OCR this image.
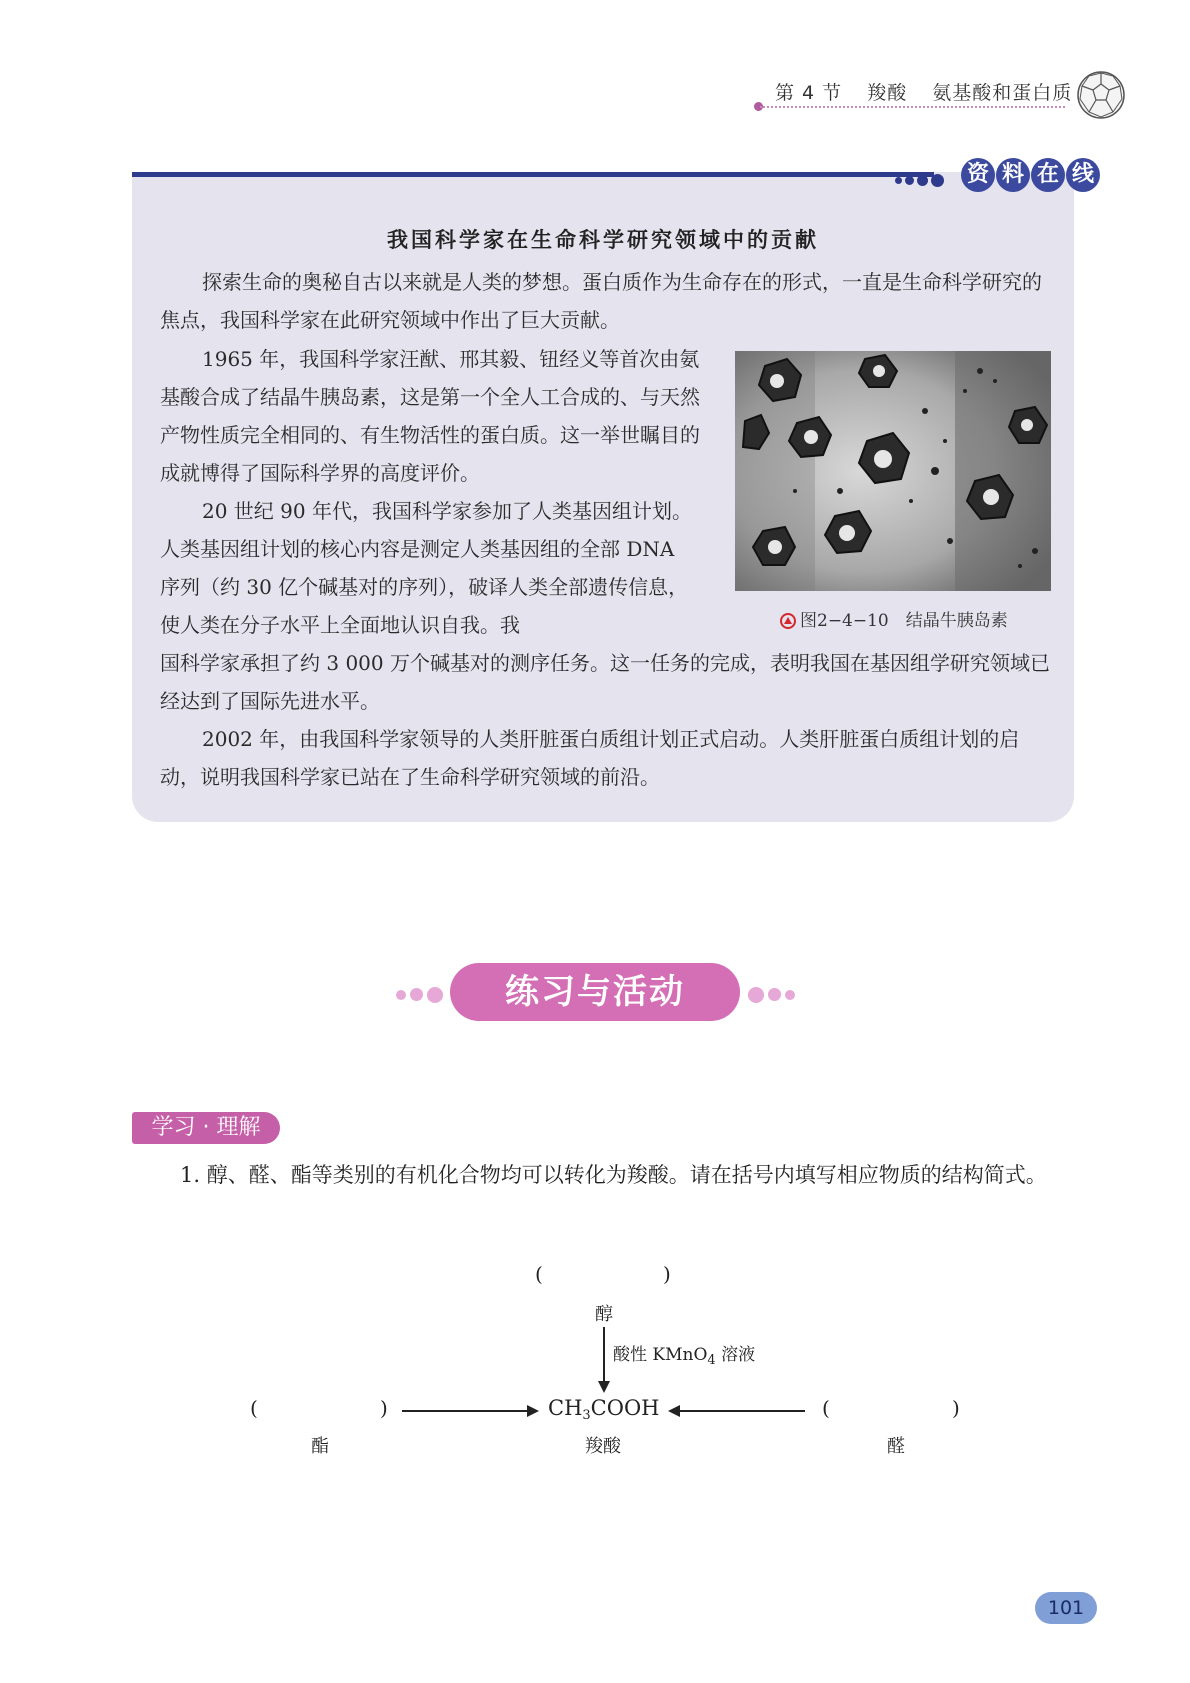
第 4 节 羧酸 氨基酸和蛋白质
资 料 在 线
我国科学家在生命科学研究领域中的贡献
探索生命的奥秘自古以来就是人类的梦想。蛋白质作为生命存在的形式，一直是生命科学研究的焦点，我国科学家在此研究领域中作出了巨大贡献。
1965 年，我国科学家汪猷、邢其毅、钮经义等首次由氨基酸合成了结晶牛胰岛素，这是第一个全人工合成的、与天然产物性质完全相同的、有生物活性的蛋白质。这一举世瞩目的成就博得了国际科学界的高度评价。
20 世纪 90 年代，我国科学家参加了人类基因组计划。人类基因组计划的核心内容是测定人类基因组的全部 DNA 序列（约 30 亿个碱基对的序列），破译人类全部遗传信息，使人类在分子水平上全面地认识自我。我
国科学家承担了约 3 000 万个碱基对的测序任务。这一任务的完成，表明我国在基因组学研究领域已经达到了国际先进水平。
2002 年，由我国科学家领导的人类肝脏蛋白质组计划正式启动。人类肝脏蛋白质组计划的启动，说明我国科学家已站在了生命科学研究领域的前沿。
图2−4−10　结晶牛胰岛素
练习与活动
学习 · 理解
1. 醇、醛、酯等类别的有机化合物均可以转化为羧酸。请在括号内填写相应物质的结构简式。
(	)
醇
酸性 KMnO$_4$ 溶液
(	)
酯
$CH_3COOH$
羧酸
(	)
醛
101
